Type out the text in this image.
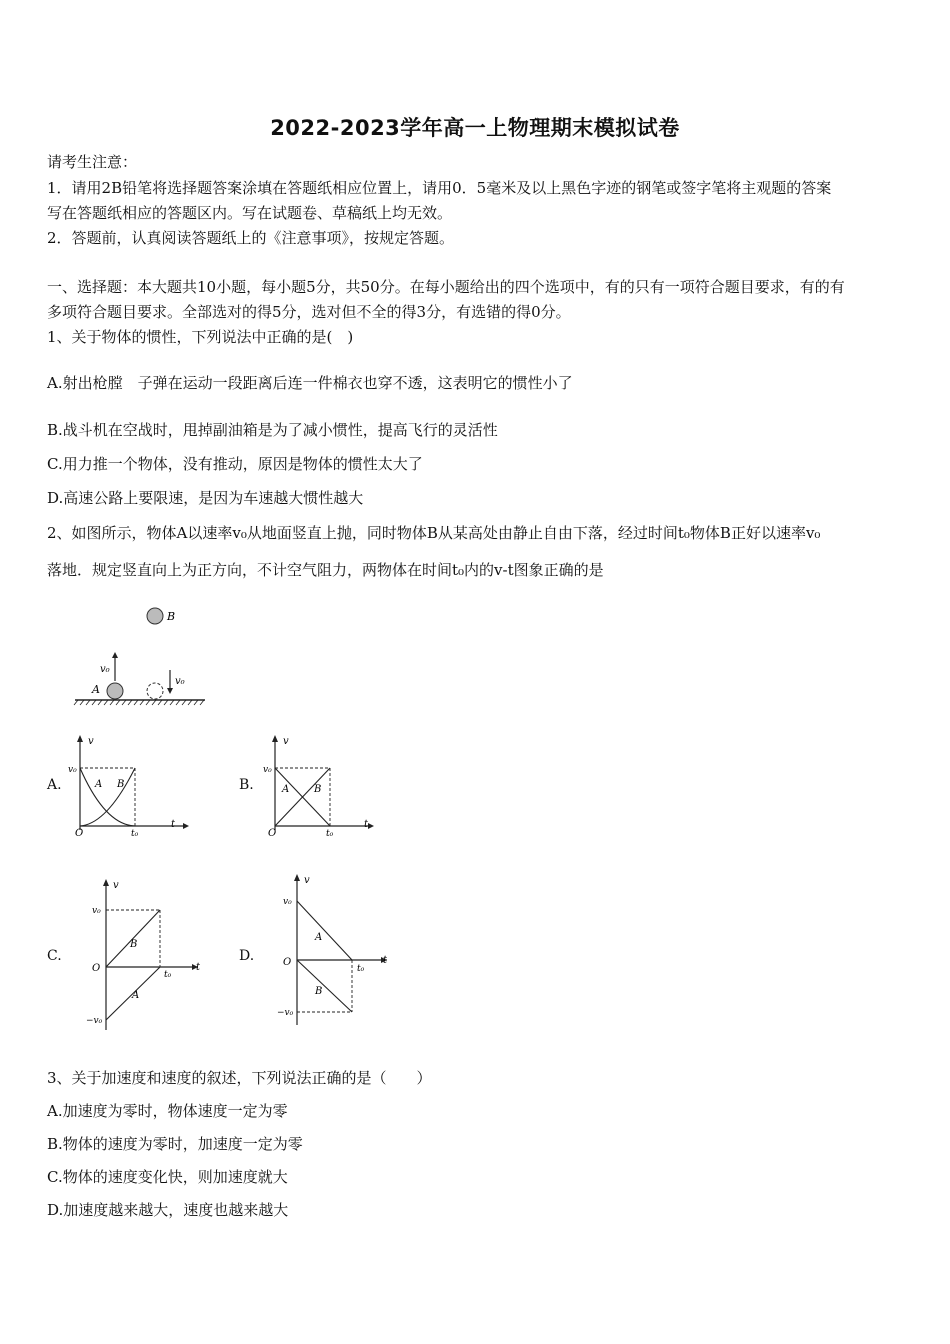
2022-2023学年高一上物理期末模拟试卷
请考生注意：
1．请用2B铅笔将选择题答案涂填在答题纸相应位置上，请用0．5毫米及以上黑色字迹的钢笔或签字笔将主观题的答案
写在答题纸相应的答题区内。写在试题卷、草稿纸上均无效。
2．答题前，认真阅读答题纸上的《注意事项》，按规定答题。
一、选择题：本大题共10小题，每小题5分，共50分。在每小题给出的四个选项中，有的只有一项符合题目要求，有的有
多项符合题目要求。全部选对的得5分，选对但不全的得3分，有选错的得0分。
1、关于物体的惯性，下列说法中正确的是(　)
A.射出枪膛　子弹在运动一段距离后连一件棉衣也穿不透，这表明它的惯性小了
B.战斗机在空战时，甩掉副油箱是为了减小惯性，提高飞行的灵活性
C.用力推一个物体，没有推动，原因是物体的惯性太大了
D.高速公路上要限速，是因为车速越大惯性越大
2、如图所示，物体A以速率v₀从地面竖直上抛，同时物体B从某高处由静止自由下落，经过时间t₀物体B正好以速率v₀
落地．规定竖直向上为正方向，不计空气阻力，两物体在时间t₀内的v-t图象正确的是
B
v₀
A
v₀
A.
v
v₀
A B
O	t₀
t
B.
v
v₀
A B
O	t₀
t
C.
v
v₀
B
A
O
t₀
t
−v₀
D.
v
v₀
A
B
O
t₀
t
−v₀
3、关于加速度和速度的叙述，下列说法正确的是（　　）
A.加速度为零时，物体速度一定为零
B.物体的速度为零时，加速度一定为零
C.物体的速度变化快，则加速度就大
D.加速度越来越大，速度也越来越大
